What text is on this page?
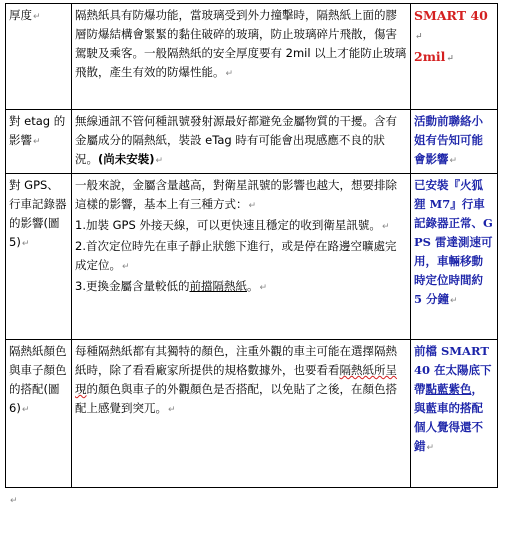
厚度↵	隔熱紙具有防爆功能，當玻璃受到外力撞擊時，隔熱紙上面的膠層防爆結構會緊緊的黏住破碎的玻璃，防止玻璃碎片飛散，傷害駕駛及乘客。一般隔熱紙的安全厚度要有 2mil 以上才能防止玻璃飛散，產生有效的防爆性能。↵	SMART 40↵
2mil↵

對 etag 的影響↵	無線通訊不管何種訊號發射源最好都避免金屬物質的干擾。含有金屬成分的隔熱紙，裝設 eTag 時有可能會出現感應不良的狀況。(尚未安裝)↵	活動前聯絡小姐有告知可能會影響↵
對 GPS、行車記錄器的影響(圖 5)↵	一般來說，金屬含量越高，對衛星訊號的影響也越大，想要排除這樣的影響，基本上有三種方式：↵
1.加裝 GPS 外接天線，可以更快速且穩定的收到衛星訊號。↵
2.首次定位時先在車子靜止狀態下進行，或是停在路邊空曠處完成定位。↵
3.更換金屬含量較低的前擋隔熱紙。↵	已安裝『火狐狸 M7』行車記錄器正常、GPS 雷達測速可用，車輛移動時定位時間約 5 分鐘↵
隔熱紙顏色與車子顏色的搭配(圖 6)↵	每種隔熱紙都有其獨特的顏色，注重外觀的車主可能在選擇隔熱紙時，除了看看廠家所提供的規格數據外，也要看看隔熱紙所呈現的顏色與車子的外觀顏色是否搭配，以免貼了之後，在顏色搭配上感覺到突兀。↵	前檔 SMART40 在太陽底下帶點藍紫色，與藍車的搭配個人覺得還不錯↵
↵
